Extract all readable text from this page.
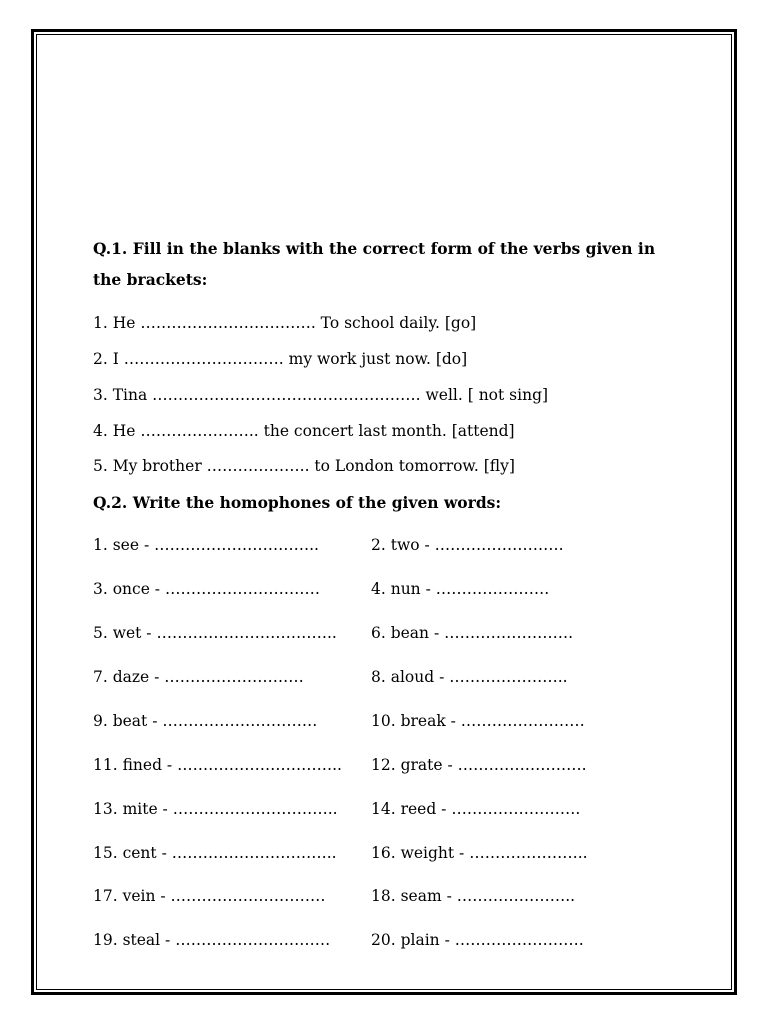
Q.1. Fill in the blanks with the correct form of the verbs given in
the brackets:
1. He ……………………………. To school daily. [go]
2. I …………………………. my work just now. [do]
3. Tina ……………………………………………. well. [ not sing]
4. He ………………….. the concert last month. [attend]
5. My brother ……………….. to London tomorrow. [fly]
Q.2. Write the homophones of the given words:
1. see - …………………………..	2. two - …………………….
3. once - …………………………	4. nun - ………………….
5. wet - …………………………….. 6. bean - …………………….
7. daze - ………………………	8. aloud - …………………..
9. beat - …………………………	10. break - ……………………
11. fined - ………………………….. 12. grate - …………………….
13. mite - ………………………….. 14. reed - …………………….
15. cent - ………………………….. 16. weight - …………………..
17. vein - …………………………	18. seam - …………………..
19. steal - …………………………	20. plain - …………………….
